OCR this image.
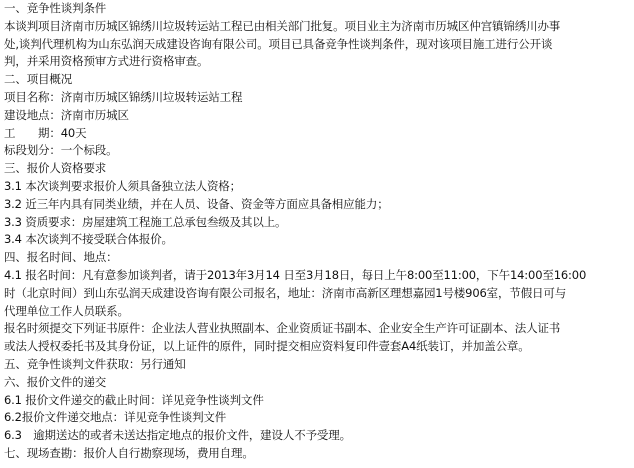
一、竞争性谈判条件
本谈判项目济南市历城区锦绣川垃圾转运站工程已由相关部门批复。项目业主为济南市历城区仲宫镇锦绣川办事
处,谈判代理机构为山东弘润天成建设咨询有限公司。项目已具备竞争性谈判条件，现对该项目施工进行公开谈
判，并采用资格预审方式进行资格审查。
二、项目概况
项目名称：济南市历城区锦绣川垃圾转运站工程
建设地点：济南市历城区
工　　期：40天
标段划分：一个标段。
三、报价人资格要求
3.1 本次谈判要求报价人须具备独立法人资格；
3.2 近三年内具有同类业绩，并在人员、设备、资金等方面应具备相应能力；
3.3 资质要求：房屋建筑工程施工总承包叁级及其以上。
3.4 本次谈判不接受联合体报价。
四、报名时间、地点：
4.1 报名时间：凡有意参加谈判者，请于2013年3月14 日至3月18日，每日上午8:00至11:00，下午14:00至16:00
时（北京时间）到山东弘润天成建设咨询有限公司报名，地址：济南市高新区理想嘉园1号楼906室，节假日可与
代理单位工作人员联系。
报名时须提交下列证书原件：企业法人营业执照副本、企业资质证书副本、企业安全生产许可证副本、法人证书
或法人授权委托书及其身份证，以上证件的原件，同时提交相应资料复印件壹套A4纸装订，并加盖公章。
五、竞争性谈判文件获取：另行通知
六、报价文件的递交
6.1 报价文件递交的截止时间：详见竞争性谈判文件
6.2报价文件递交地点：详见竞争性谈判文件
6.3　逾期送达的或者未送达指定地点的报价文件，建设人不予受理。
七、现场查勘：报价人自行勘察现场，费用自理。
